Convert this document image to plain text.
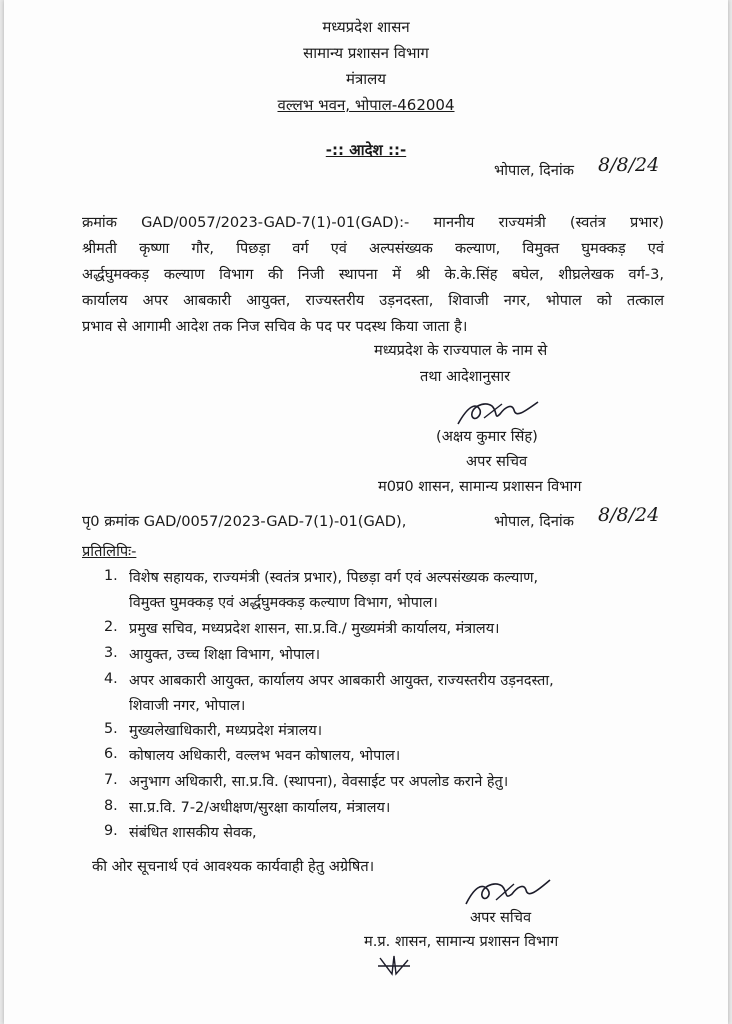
मध्यप्रदेश शासन
सामान्य प्रशासन विभाग
मंत्रालय
वल्लभ भवन, भोपाल-462004
-:: आदेश ::-
भोपाल, दिनांक 8/8/24
क्रमांक GAD/0057/2023-GAD-7(1)-01(GAD):- माननीय राज्यमंत्री (स्वतंत्र प्रभार)
श्रीमती कृष्णा गौर, पिछड़ा वर्ग एवं अल्पसंख्यक कल्याण, विमुक्त घुमक्कड़ एवं
अर्द्धघुमक्कड़ कल्याण विभाग की निजी स्थापना में श्री के.के.सिंह बघेल, शीघ्रलेखक वर्ग-3,
कार्यालय अपर आबकारी आयुक्त, राज्यस्तरीय उड़नदस्ता, शिवाजी नगर, भोपाल को तत्काल
प्रभाव से आगामी आदेश तक निज सचिव के पद पर पदस्थ किया जाता है।
मध्यप्रदेश के राज्यपाल के नाम से
तथा आदेशानुसार
(अक्षय कुमार सिंह)
अपर सचिव
म0प्र0 शासन, सामान्य प्रशासन विभाग
पृ0 क्रमांक GAD/0057/2023-GAD-7(1)-01(GAD),	भोपाल, दिनांक 8/8/24
प्रतिलिपिः-
1. विशेष सहायक, राज्यमंत्री (स्वतंत्र प्रभार), पिछड़ा वर्ग एवं अल्पसंख्यक कल्याण,
विमुक्त घुमक्कड़ एवं अर्द्धघुमक्कड़ कल्याण विभाग, भोपाल।
2. प्रमुख सचिव, मध्यप्रदेश शासन, सा.प्र.वि./ मुख्यमंत्री कार्यालय, मंत्रालय।
3. आयुक्त, उच्च शिक्षा विभाग, भोपाल।
4. अपर आबकारी आयुक्त, कार्यालय अपर आबकारी आयुक्त, राज्यस्तरीय उड़नदस्ता,
शिवाजी नगर, भोपाल।
5. मुख्यलेखाधिकारी, मध्यप्रदेश मंत्रालय।
6. कोषालय अधिकारी, वल्लभ भवन कोषालय, भोपाल।
7. अनुभाग अधिकारी, सा.प्र.वि. (स्थापना), वेवसाईट पर अपलोड कराने हेतु।
8. सा.प्र.वि. 7-2/अधीक्षण/सुरक्षा कार्यालय, मंत्रालय।
9. संबंधित शासकीय सेवक,
की ओर सूचनार्थ एवं आवश्यक कार्यवाही हेतु अग्रेषित।
अपर सचिव
म.प्र. शासन, सामान्य प्रशासन विभाग
